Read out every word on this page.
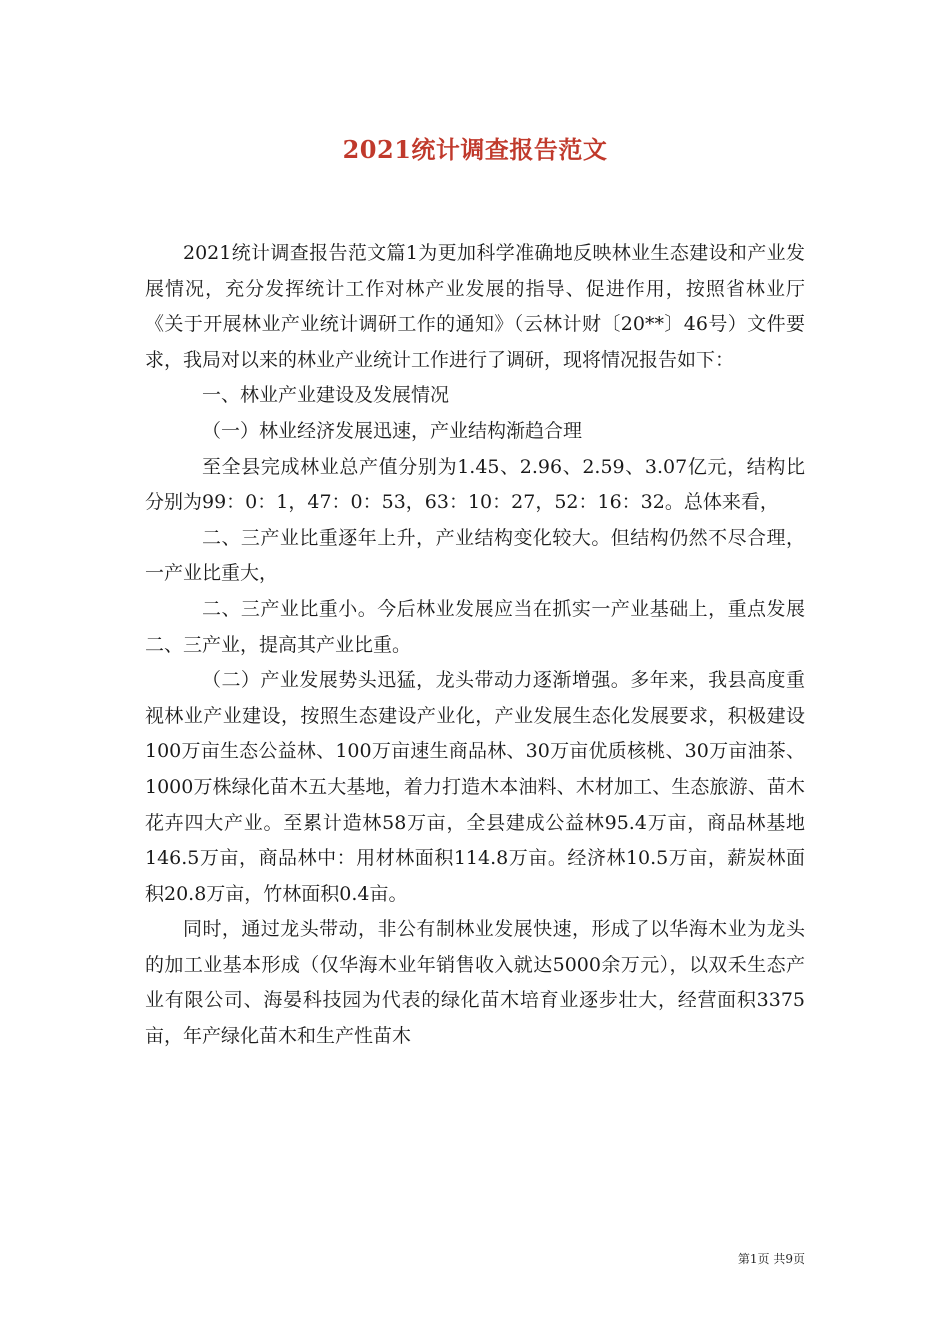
2021统计调查报告范文

2021统计调查报告范文篇1为更加科学准确地反映林业生态建设和产业发展情况，充分发挥统计工作对林产业发展的指导、促进作用，按照省林业厅《关于开展林业产业统计调研工作的通知》（云林计财〔20**〕46号）文件要求，我局对以来的林业产业统计工作进行了调研，现将情况报告如下：

一、林业产业建设及发展情况

（一）林业经济发展迅速，产业结构渐趋合理

至全县完成林业总产值分别为1.45、2.96、2.59、3.07亿元，结构比分别为99：0：1，47：0：53，63：10：27，52：16：32。总体来看，

二、三产业比重逐年上升，产业结构变化较大。但结构仍然不尽合理，一产业比重大，

二、三产业比重小。今后林业发展应当在抓实一产业基础上，重点发展二、三产业，提高其产业比重。

（二）产业发展势头迅猛，龙头带动力逐渐增强。多年来，我县高度重视林业产业建设，按照生态建设产业化，产业发展生态化发展要求，积极建设100万亩生态公益林、100万亩速生商品林、30万亩优质核桃、30万亩油茶、1000万株绿化苗木五大基地，着力打造木本油料、木材加工、生态旅游、苗木花卉四大产业。至累计造林58万亩，全县建成公益林95.4万亩，商品林基地146.5万亩，商品林中：用材林面积114.8万亩。经济林10.5万亩，薪炭林面积20.8万亩，竹林面积0.4亩。

同时，通过龙头带动，非公有制林业发展快速，形成了以华海木业为龙头的加工业基本形成（仅华海木业年销售收入就达5000余万元），以双禾生态产业有限公司、海晏科技园为代表的绿化苗木培育业逐步壮大，经营面积3375亩，年产绿化苗木和生产性苗木

第1页 共9页
